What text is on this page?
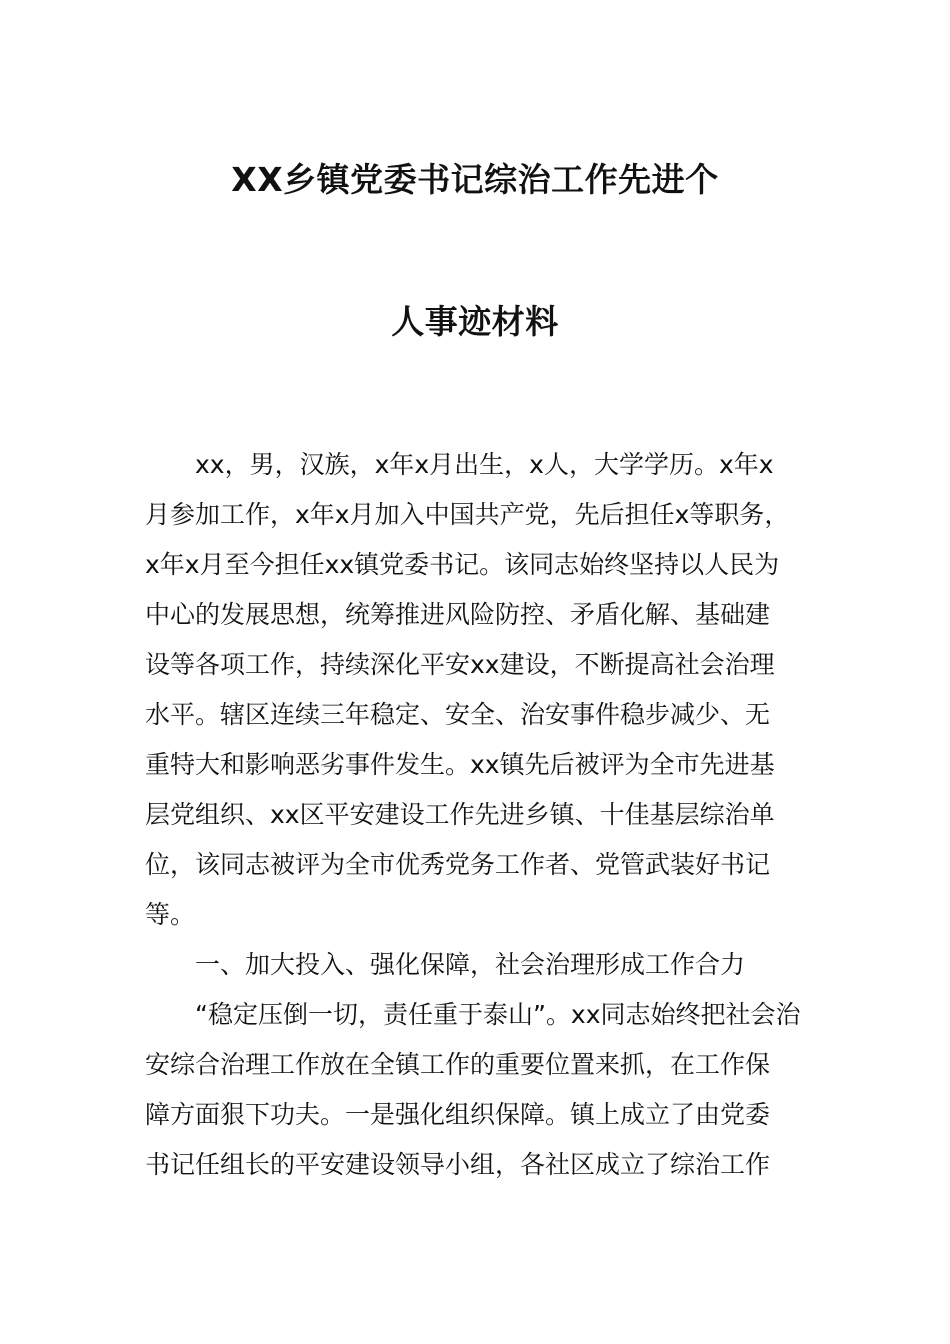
XX乡镇党委书记综治工作先进个
人事迹材料
xx，男，汉族，x年x月出生，x人，大学学历。x年x
月参加工作，x年x月加入中国共产党，先后担任x等职务，
x年x月至今担任xx镇党委书记。该同志始终坚持以人民为
中心的发展思想，统筹推进风险防控、矛盾化解、基础建
设等各项工作，持续深化平安xx建设，不断提高社会治理
水平。辖区连续三年稳定、安全、治安事件稳步减少、无
重特大和影响恶劣事件发生。xx镇先后被评为全市先进基
层党组织、xx区平安建设工作先进乡镇、十佳基层综治单
位，该同志被评为全市优秀党务工作者、党管武装好书记
等。
一、加大投入、强化保障，社会治理形成工作合力
“稳定压倒一切，责任重于泰山”。xx同志始终把社会治
安综合治理工作放在全镇工作的重要位置来抓，在工作保
障方面狠下功夫。一是强化组织保障。镇上成立了由党委
书记任组长的平安建设领导小组，各社区成立了综治工作
